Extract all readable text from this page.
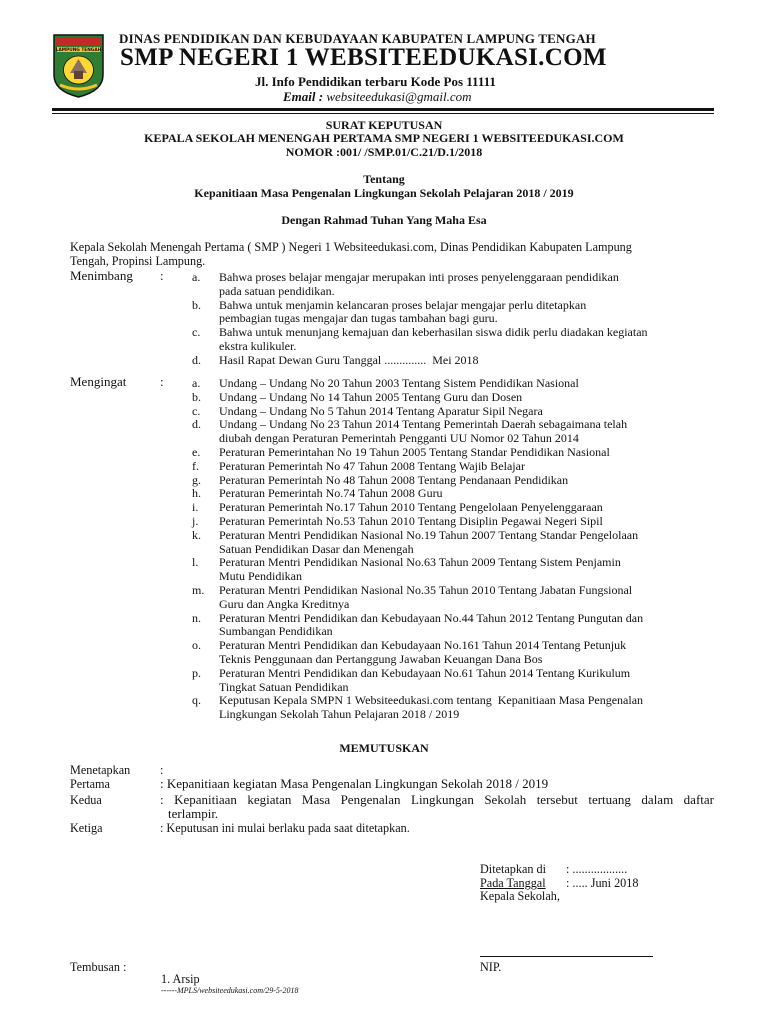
LAMPUNG TENGAH
DINAS PENDIDIKAN DAN KEBUDAYAAN KABUPATEN LAMPUNG TENGAH
SMP NEGERI 1 WEBSITEEDUKASI.COM
Jl. Info Pendidikan terbaru Kode Pos 11111
Email : websiteedukasi@gmail.com
SURAT KEPUTUSAN
KEPALA SEKOLAH MENENGAH PERTAMA SMP NEGERI 1 WEBSITEEDUKASI.COM
NOMOR :001/ /SMP.01/C.21/D.1/2018
Tentang
Kepanitiaan Masa Pengenalan Lingkungan Sekolah Pelajaran 2018 / 2019
Dengan Rahmad Tuhan Yang Maha Esa
Kepala Sekolah Menengah Pertama ( SMP ) Negeri 1 Websiteedukasi.com, Dinas Pendidikan Kabupaten Lampung
Tengah, Propinsi Lampung.
Menimbang : a.	Bahwa proses belajar mengajar merupakan inti proses penyelenggaraan pendidikan
pada satuan pendidikan.
b.	Bahwa untuk menjamin kelancaran proses belajar mengajar perlu ditetapkan
pembagian tugas mengajar dan tugas tambahan bagi guru.
c.	Bahwa untuk menunjang kemajuan dan keberhasilan siswa didik perlu diadakan kegiatan
ekstra kulikuler.
d.	Hasil Rapat Dewan Guru Tanggal ..............  Mei 2018
Mengingat	: a.	Undang – Undang No 20 Tahun 2003 Tentang Sistem Pendidikan Nasional
b.	Undang – Undang No 14 Tahun 2005 Tentang Guru dan Dosen
c.	Undang – Undang No 5 Tahun 2014 Tentang Aparatur Sipil Negara
d.	Undang – Undang No 23 Tahun 2014 Tentang Pemerintah Daerah sebagaimana telah
diubah dengan Peraturan Pemerintah Pengganti UU Nomor 02 Tahun 2014
e.	Peraturan Pemerintahan No 19 Tahun 2005 Tentang Standar Pendidikan Nasional
f.	Peraturan Pemerintah No 47 Tahun 2008 Tentang Wajib Belajar
g.	Peraturan Pemerintah No 48 Tahun 2008 Tentang Pendanaan Pendidikan
h.	Peraturan Pemerintah No.74 Tahun 2008 Guru
i.	Peraturan Pemerintah No.17 Tahun 2010 Tentang Pengelolaan Penyelenggaraan
j.	Peraturan Pemerintah No.53 Tahun 2010 Tentang Disiplin Pegawai Negeri Sipil
k.	Peraturan Mentri Pendidikan Nasional No.19 Tahun 2007 Tentang Standar Pengelolaan
Satuan Pendidikan Dasar dan Menengah
l.	Peraturan Mentri Pendidikan Nasional No.63 Tahun 2009 Tentang Sistem Penjamin
Mutu Pendidikan
m.	Peraturan Mentri Pendidikan Nasional No.35 Tahun 2010 Tentang Jabatan Fungsional
Guru dan Angka Kreditnya
n.	Peraturan Mentri Pendidikan dan Kebudayaan No.44 Tahun 2012 Tentang Pungutan dan
Sumbangan Pendidikan
o.	Peraturan Mentri Pendidikan dan Kebudayaan No.161 Tahun 2014 Tentang Petunjuk
Teknis Penggunaan dan Pertanggung Jawaban Keuangan Dana Bos
p.	Peraturan Mentri Pendidikan dan Kebudayaan No.61 Tahun 2014 Tentang Kurikulum
Tingkat Satuan Pendidikan
q.	Keputusan Kepala SMPN 1 Websiteedukasi.com tentang  Kepanitiaan Masa Pengenalan
Lingkungan Sekolah Tahun Pelajaran 2018 / 2019
MEMUTUSKAN
Menetapkan :
Pertama	: Kepanitiaan kegiatan Masa Pengenalan Lingkungan Sekolah 2018 / 2019
Kedua	: Kepanitiaan kegiatan Masa Pengenalan Lingkungan Sekolah tersebut tertuang dalam daftar
terlampir.
Ketiga	: Keputusan ini mulai berlaku pada saat ditetapkan.
Ditetapkan di : ..................
Pada Tanggal : ..... Juni 2018
Kepala Sekolah,
NIP.
Tembusan :
1. Arsip
------MPLS/websiteedukasi.com/29-5-2018
